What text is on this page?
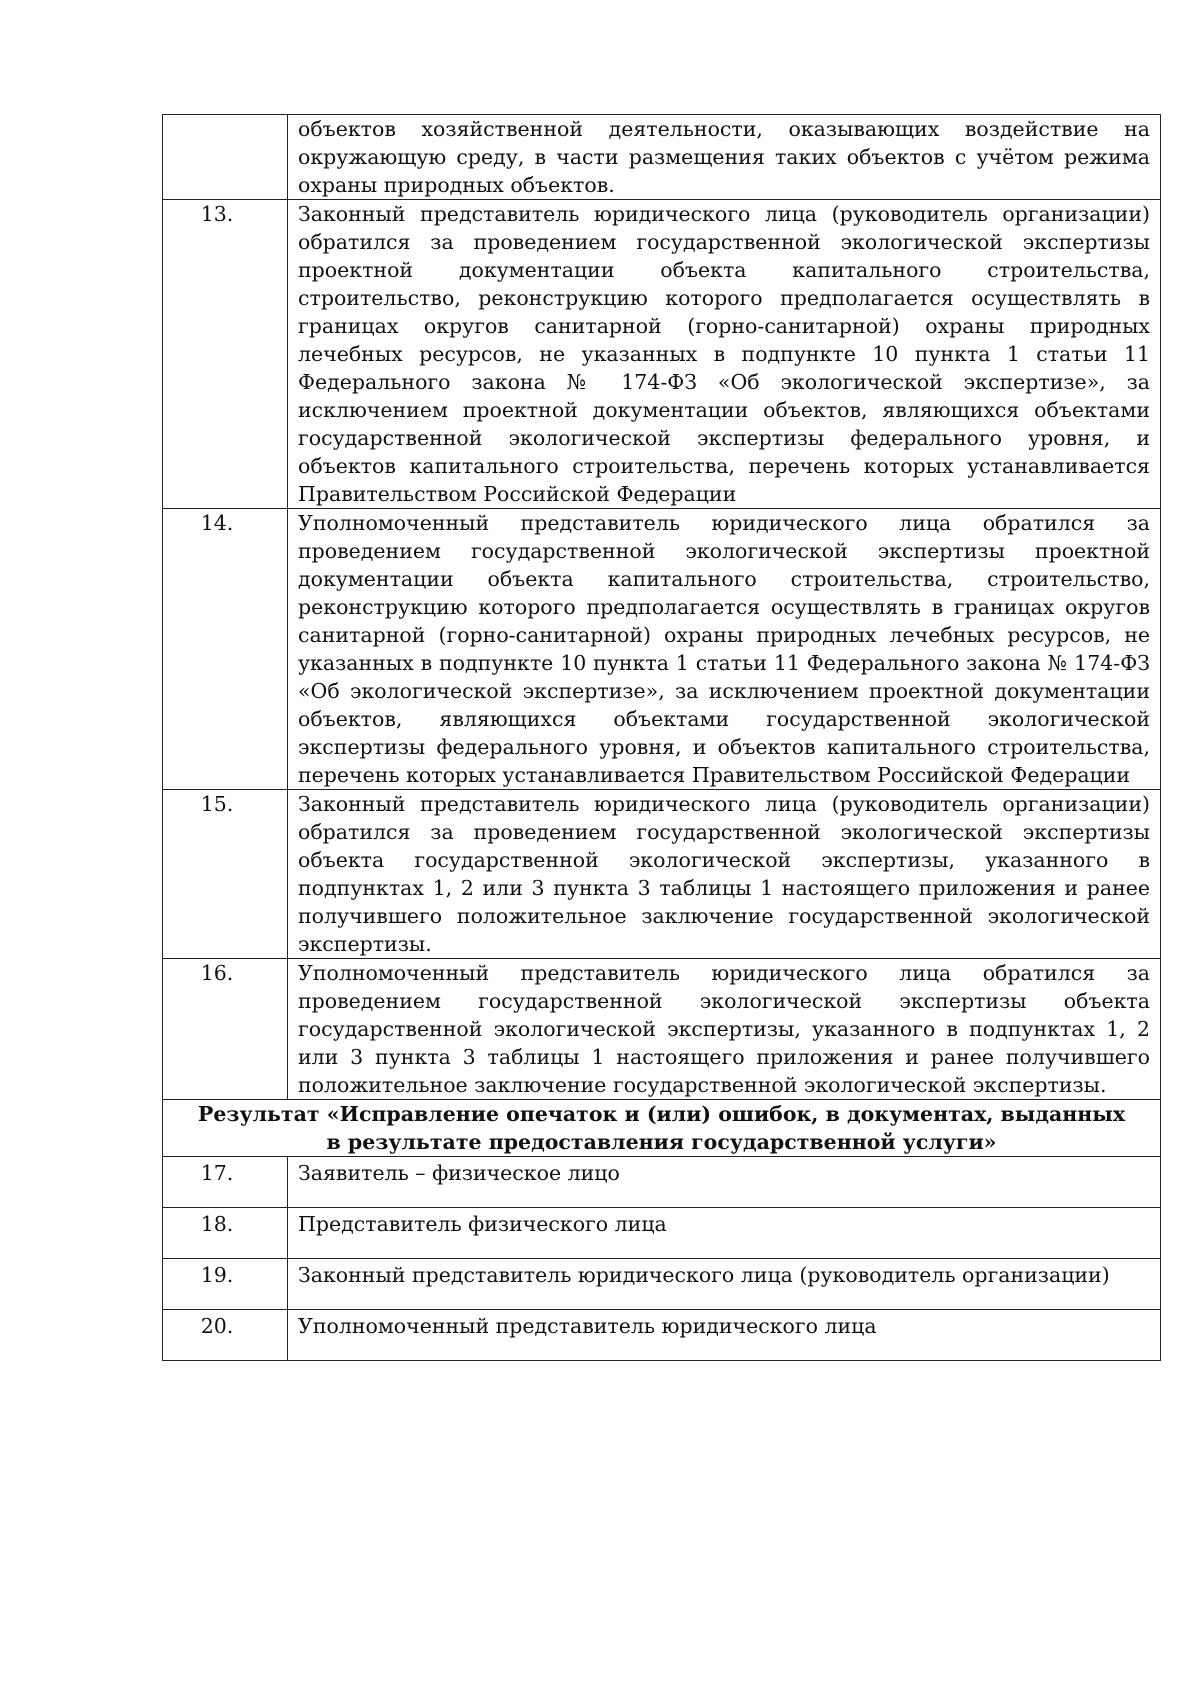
	объектов хозяйственной деятельности, оказывающих воздействие на окружающую среду, в части размещения таких объектов с учётом режима охраны природных объектов.
13.	Законный представитель юридического лица (руководитель организации) обратился за проведением государственной экологической экспертизы проектной документации объекта капитального строительства, строительство, реконструкцию которого предполагается осуществлять в границах округов санитарной (горно-санитарной) охраны природных лечебных ресурсов, не указанных в подпункте 10 пункта 1 статьи 11 Федерального закона № 174-ФЗ «Об экологической экспертизе», за исключением проектной документации объектов, являющихся объектами государственной экологической экспертизы федерального уровня, и объектов капитального строительства, перечень которых устанавливается Правительством Российской Федерации
14.	Уполномоченный представитель юридического лица обратился за проведением государственной экологической экспертизы проектной документации объекта капитального строительства, строительство, реконструкцию которого предполагается осуществлять в границах округов санитарной (горно-санитарной) охраны природных лечебных ресурсов, не указанных в подпункте 10 пункта 1 статьи 11 Федерального закона № 174-ФЗ «Об экологической экспертизе», за исключением проектной документации объектов, являющихся объектами государственной экологической экспертизы федерального уровня, и объектов капитального строительства, перечень которых устанавливается Правительством Российской Федерации
15.	Законный представитель юридического лица (руководитель организации) обратился за проведением государственной экологической экспертизы объекта государственной экологической экспертизы, указанного в подпунктах 1, 2 или 3 пункта 3 таблицы 1 настоящего приложения и ранее получившего положительное заключение государственной экологической экспертизы.
16.	Уполномоченный представитель юридического лица обратился за проведением государственной экологической экспертизы объекта государственной экологической экспертизы, указанного в подпунктах 1, 2 или 3 пункта 3 таблицы 1 настоящего приложения и ранее получившего положительное заключение государственной экологической экспертизы.

Результат «Исправление опечаток и (или) ошибок, в документах, выданных
в результате предоставления государственной услуги»	

17.	Заявитель – физическое лицо
18.	Представитель физического лица
19.	Законный представитель юридического лица (руководитель организации)
20.	Уполномоченный представитель юридического лица
